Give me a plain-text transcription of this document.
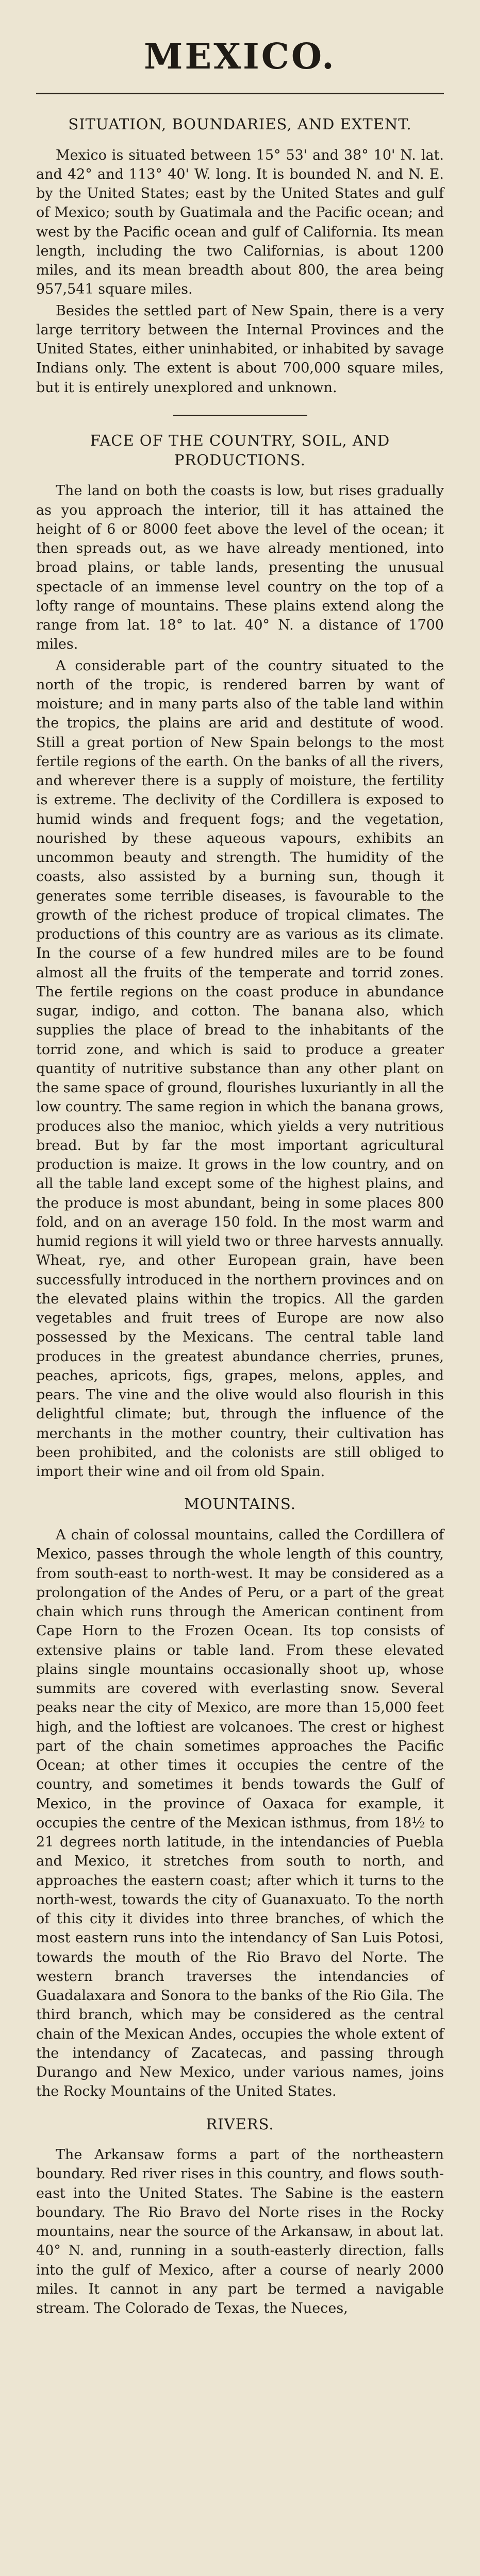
MEXICO.
SITUATION, BOUNDARIES, AND EXTENT.

Mexico is situated between 15° 53' and 38° 10' N. lat. and 42° and 113° 40' W. long. It is bounded N. and N. E. by the United States; east by the United States and gulf of Mexico; south by Guatimala and the Pacific ocean; and west by the Pacific ocean and gulf of California. Its mean length, including the two Californias, is about 1200 miles, and its mean breadth about 800, the area being 957,541 square miles.

Besides the settled part of New Spain, there is a very large territory between the Internal Provinces and the United States, either uninhabited, or inhabited by savage Indians only. The extent is about 700,000 square miles, but it is entirely unexplored and unknown.

FACE OF THE COUNTRY, SOIL, AND PRODUCTIONS.

The land on both the coasts is low, but rises gradually as you approach the interior, till it has attained the height of 6 or 8000 feet above the level of the ocean; it then spreads out, as we have already mentioned, into broad plains, or table lands, presenting the unusual spectacle of an immense level country on the top of a lofty range of mountains. These plains extend along the range from lat. 18° to lat. 40° N. a distance of 1700 miles.

A considerable part of the country situated to the north of the tropic, is rendered barren by want of moisture; and in many parts also of the table land within the tropics, the plains are arid and destitute of wood. Still a great portion of New Spain belongs to the most fertile regions of the earth. On the banks of all the rivers, and wherever there is a supply of moisture, the fertility is extreme. The declivity of the Cordillera is exposed to humid winds and frequent fogs; and the vegetation, nourished by these aqueous vapours, exhibits an uncommon beauty and strength. The humidity of the coasts, also assisted by a burning sun, though it generates some terrible diseases, is favourable to the growth of the richest produce of tropical climates. The productions of this country are as various as its climate. In the course of a few hundred miles are to be found almost all the fruits of the temperate and torrid zones. The fertile regions on the coast produce in abundance sugar, indigo, and cotton. The banana also, which supplies the place of bread to the inhabitants of the torrid zone, and which is said to produce a greater quantity of nutritive substance than any other plant on the same space of ground, flourishes luxuriantly in all the low country. The same region in which the banana grows, produces also the manioc, which yields a very nutritious bread. But by far the most important agricultural production is maize. It grows in the low country, and on all the table land except some of the highest plains, and the produce is most abundant, being in some places 800 fold, and on an average 150 fold. In the most warm and humid regions it will yield two or three harvests annually. Wheat, rye, and other European grain, have been successfully introduced in the northern provinces and on the elevated plains within the tropics. All the garden vegetables and fruit trees of Europe are now also possessed by the Mexicans. The central table land produces in the greatest abundance cherries, prunes, peaches, apricots, figs, grapes, melons, apples, and pears. The vine and the olive would also flourish in this delightful climate; but, through the influence of the merchants in the mother country, their cultivation has been prohibited, and the colonists are still obliged to import their wine and oil from old Spain.

MOUNTAINS.

A chain of colossal mountains, called the Cordillera of Mexico, passes through the whole length of this country, from south-east to north-west. It may be considered as a prolongation of the Andes of Peru, or a part of the great chain which runs through the American continent from Cape Horn to the Frozen Ocean. Its top consists of extensive plains or table land. From these elevated plains single mountains occasionally shoot up, whose summits are covered with everlasting snow. Several peaks near the city of Mexico, are more than 15,000 feet high, and the loftiest are volcanoes. The crest or highest part of the chain sometimes approaches the Pacific Ocean; at other times it occupies the centre of the country, and sometimes it bends towards the Gulf of Mexico, in the province of Oaxaca for example, it occupies the centre of the Mexican isthmus, from 18½ to 21 degrees north latitude, in the intendancies of Puebla and Mexico, it stretches from south to north, and approaches the eastern coast; after which it turns to the north-west, towards the city of Guanaxuato. To the north of this city it divides into three branches, of which the most eastern runs into the intendancy of San Luis Potosi, towards the mouth of the Rio Bravo del Norte. The western branch traverses the intendancies of Guadalaxara and Sonora to the banks of the Rio Gila. The third branch, which may be considered as the central chain of the Mexican Andes, occupies the whole extent of the intendancy of Zacatecas, and passing through Durango and New Mexico, under various names, joins the Rocky Mountains of the United States.

RIVERS.

The Arkansaw forms a part of the northeastern boundary. Red river rises in this country, and flows south-east into the United States. The Sabine is the eastern boundary. The Rio Bravo del Norte rises in the Rocky mountains, near the source of the Arkansaw, in about lat. 40° N. and, running in a south-easterly direction, falls into the gulf of Mexico, after a course of nearly 2000 miles. It cannot in any part be termed a navigable stream. The Colorado de Texas, the Nueces,
